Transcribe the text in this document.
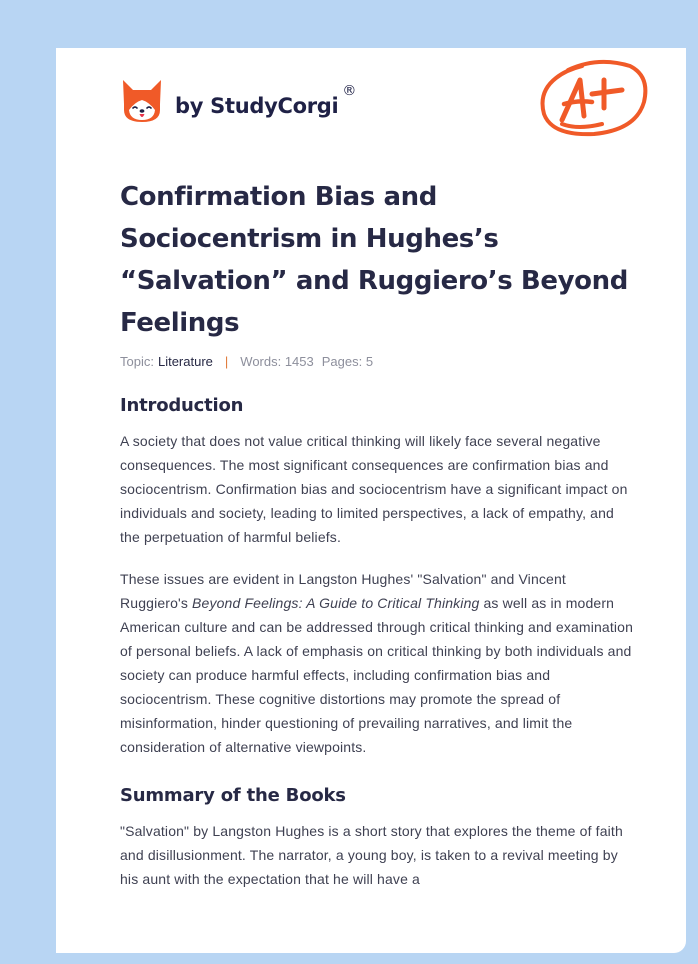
by StudyCorgi
®
Confirmation Bias and Sociocentrism in Hughes’s “Salvation” and Ruggiero’s Beyond Feelings
Topic: Literature | Words: 1453 Pages: 5
Introduction

A society that does not value critical thinking will likely face several negative consequences. The most significant consequences are confirmation bias and sociocentrism. Confirmation bias and sociocentrism have a significant impact on individuals and society, leading to limited perspectives, a lack of empathy, and the perpetuation of harmful beliefs.

These issues are evident in Langston Hughes' "Salvation" and Vincent Ruggiero's Beyond Feelings: A Guide to Critical Thinking as well as in modern American culture and can be addressed through critical thinking and examination of personal beliefs. A lack of emphasis on critical thinking by both individuals and society can produce harmful effects, including confirmation bias and sociocentrism. These cognitive distortions may promote the spread of misinformation, hinder questioning of prevailing narratives, and limit the consideration of alternative viewpoints.

Summary of the Books

"Salvation" by Langston Hughes is a short story that explores the theme of faith and disillusionment. The narrator, a young boy, is taken to a revival meeting by his aunt with the expectation that he will have a
